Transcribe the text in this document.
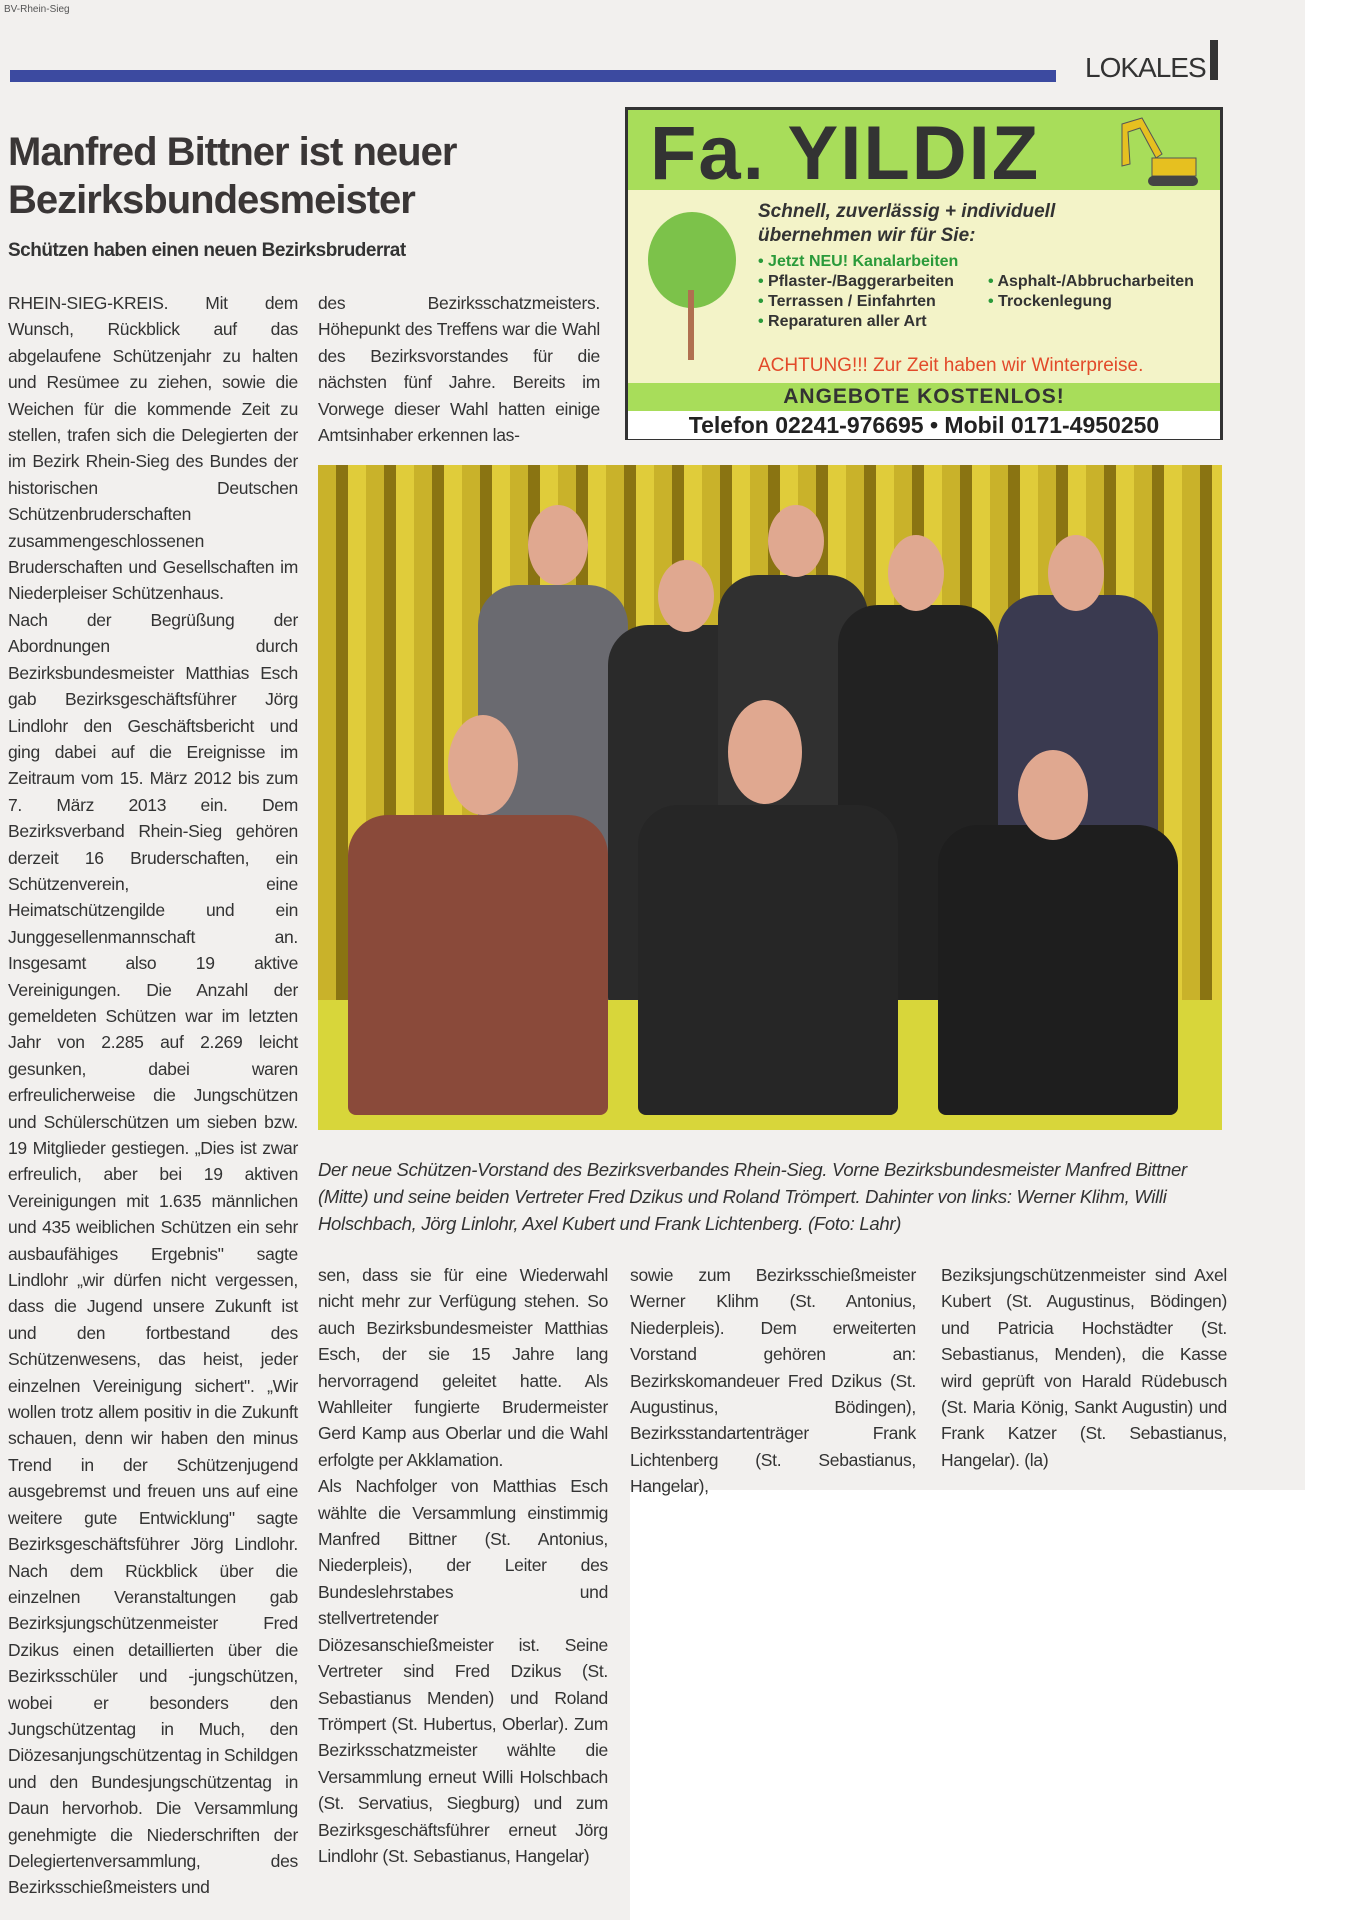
BV-Rhein-Sieg
LOKALES
Manfred Bittner ist neuer Bezirksbundesmeister
Schützen haben einen neuen Bezirksbruderrat

RHEIN-SIEG-KREIS. Mit dem Wunsch, Rückblick auf das abgelaufene Schützenjahr zu halten und Resümee zu ziehen, sowie die Weichen für die kommende Zeit zu stellen, trafen sich die Delegierten der im Bezirk Rhein-Sieg des Bundes der historischen Deutschen Schützenbruderschaften zusammengeschlossenen Bruderschaften und Gesellschaften im Niederpleiser Schützenhaus.

Nach der Begrüßung der Abordnungen durch Bezirksbundesmeister Matthias Esch gab Bezirksgeschäftsführer Jörg Lindlohr den Geschäftsbericht und ging dabei auf die Ereignisse im Zeitraum vom 15. März 2012 bis zum 7. März 2013 ein. Dem Bezirksverband Rhein-Sieg gehören derzeit 16 Bruderschaften, ein Schützenverein, eine Heimatschützengilde und ein Junggesellenmannschaft an. Insgesamt also 19 aktive Vereinigungen. Die Anzahl der gemeldeten Schützen war im letzten Jahr von 2.285 auf 2.269 leicht gesunken, dabei waren erfreulicherweise die Jungschützen und Schülerschützen um sieben bzw. 19 Mitglieder gestiegen. „Dies ist zwar erfreulich, aber bei 19 aktiven Vereinigungen mit 1.635 männlichen und 435 weiblichen Schützen ein sehr ausbaufähiges Ergebnis" sagte Lindlohr „wir dürfen nicht vergessen, dass die Jugend unsere Zukunft ist und den fortbestand des Schützenwesens, das heist, jeder einzelnen Vereinigung sichert". „Wir wollen trotz allem positiv in die Zukunft schauen, denn wir haben den minus Trend in der Schützenjugend ausgebremst und freuen uns auf eine weitere gute Entwicklung" sagte Bezirksgeschäftsführer Jörg Lindlohr. Nach dem Rückblick über die einzelnen Veranstaltungen gab Bezirksjungschützenmeister Fred Dzikus einen detaillierten über die Bezirksschüler und -jungschützen, wobei er besonders den Jungschützentag in Much, den Diözesanjungschützentag in Schildgen und den Bundesjungschützentag in Daun hervorhob. Die Versammlung genehmigte die Niederschriften der Delegiertenversammlung, des Bezirksschießmeisters und

des Bezirksschatzmeisters. Höhepunkt des Treffens war die Wahl des Bezirksvorstandes für die nächsten fünf Jahre. Bereits im Vorwege dieser Wahl hatten einige Amtsinhaber erkennen las-

Fa. YILDIZ
Schnell, zuverlässig + individuell
übernehmen wir für Sie:
• Jetzt NEU! Kanalarbeiten
• Pflaster-/Baggerarbeiten	• Asphalt-/Abbrucharbeiten
• Terrassen / Einfahrten	• Trockenlegung
• Reparaturen aller Art
ACHTUNG!!! Zur Zeit haben wir Winterpreise.
ANGEBOTE KOSTENLOS!
Telefon 02241-976695 • Mobil 0171-4950250
Der neue Schützen-Vorstand des Bezirksverbandes Rhein-Sieg. Vorne Bezirksbundesmeister Manfred Bittner (Mitte) und seine beiden Vertreter Fred Dzikus und Roland Trömpert. Dahinter von links: Werner Klihm, Willi Holschbach, Jörg Linlohr, Axel Kubert und Frank Lichtenberg. (Foto: Lahr)

sen, dass sie für eine Wiederwahl nicht mehr zur Verfügung stehen. So auch Bezirksbundesmeister Matthias Esch, der sie 15 Jahre lang hervorragend geleitet hatte. Als Wahlleiter fungierte Brudermeister Gerd Kamp aus Oberlar und die Wahl erfolgte per Akklamation.

Als Nachfolger von Matthias Esch wählte die Versammlung einstimmig Manfred Bittner (St. Antonius, Niederpleis), der Leiter des Bundeslehrstabes und stellvertretender Diözesanschießmeister ist. Seine Vertreter sind Fred Dzikus (St. Sebastianus Menden) und Roland Trömpert (St. Hubertus, Oberlar). Zum Bezirksschatzmeister wählte die Versammlung erneut Willi Holschbach (St. Servatius, Siegburg) und zum Bezirksgeschäftsführer erneut Jörg Lindlohr (St. Sebastianus, Hangelar)

sowie zum Bezirksschießmeister Werner Klihm (St. Antonius, Niederpleis). Dem erweiterten Vorstand gehören an: Bezirkskomandeuer Fred Dzikus (St. Augustinus, Bödingen), Bezirksstandartenträger Frank Lichtenberg (St. Sebastianus, Hangelar), Beziksjungschützenmeister sind Axel Kubert (St. Augustinus, Bödingen) und Patricia Hochstädter (St. Sebastianus, Menden), die Kasse wird geprüft von Harald Rüdebusch (St. Maria König, Sankt Augustin) und Frank Katzer (St. Sebastianus, Hangelar). (la)
